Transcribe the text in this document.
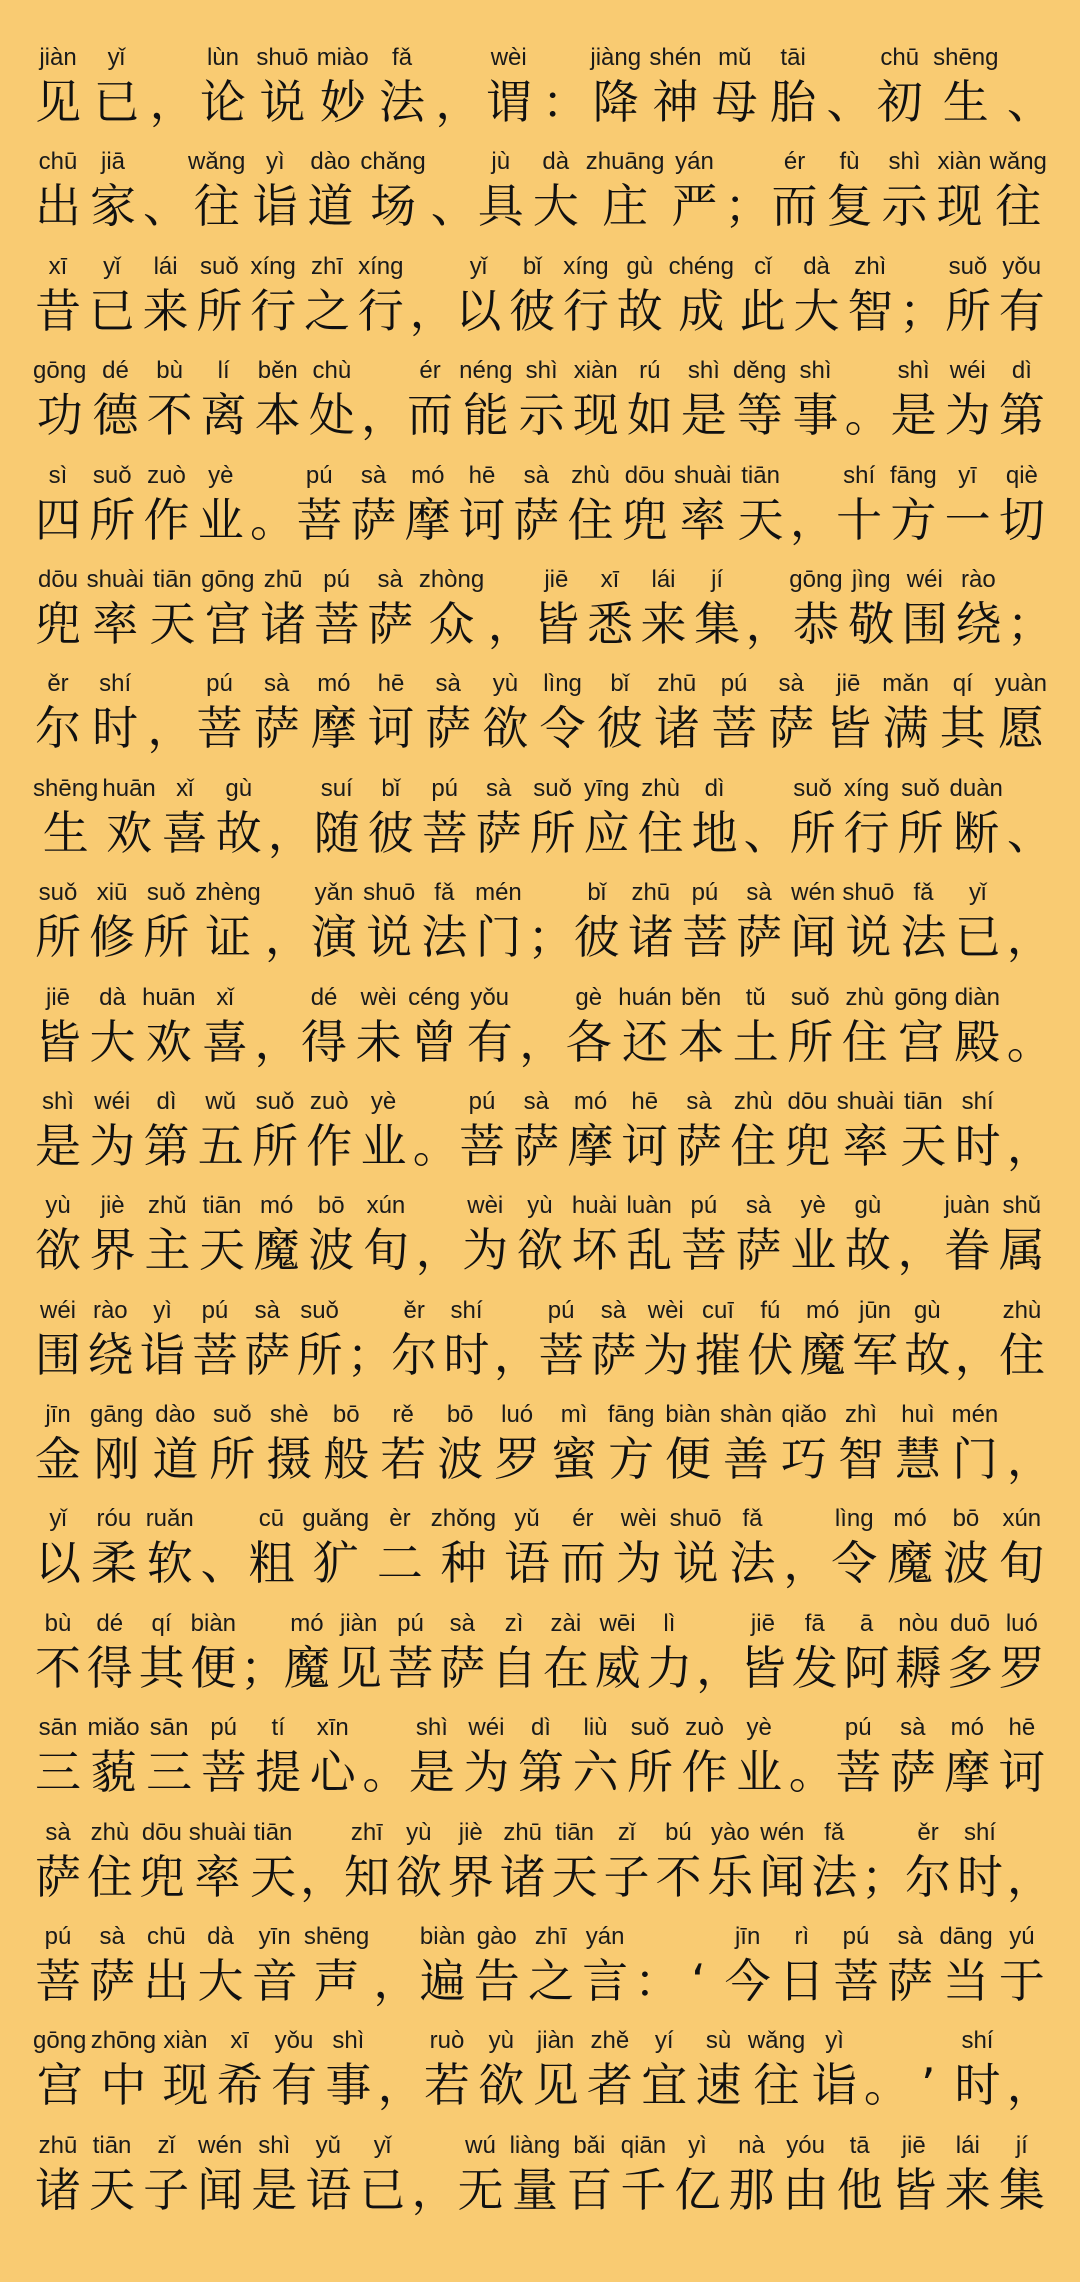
jiàn
见
yǐ
已 ，
lùn
论
shuō
说
miào
妙
fǎ
法 ，
wèi
谓 ：
jiàng
降
shén
神
mǔ
母
tāi
胎 、
chū
初
shēng
生 、
chū
出
jiā
家 、
wǎng
往
yì
诣
dào
道
chǎng
场 、
jù
具
dà
大
zhuāng
庄
yán
严 ；
ér
而
fù
复
shì
示
xiàn
现
wǎng
往
xī
昔
yǐ
已
lái
来
suǒ
所
xíng
行
zhī
之
xíng
行 ，
yǐ
以
bǐ
彼
xíng
行
gù
故
chéng
成
cǐ
此
dà
大
zhì
智 ；
suǒ
所
yǒu
有
gōng
功
dé
德
bù
不
lí
离
běn
本
chù
处 ，
ér
而
néng
能
shì
示
xiàn
现
rú
如
shì
是
děng
等
shì
事 。
shì
是
wéi
为
dì
第
sì
四
suǒ
所
zuò
作
yè
业 。
pú
菩
sà
萨
mó
摩
hē
诃
sà
萨
zhù
住
dōu
兜
shuài
率
tiān
天 ，
shí
十
fāng
方
yī
一
qiè
切
dōu
兜
shuài
率
tiān
天
gōng
宫
zhū
诸
pú
菩
sà
萨
zhòng
众 ，
jiē
皆
xī
悉
lái
来
jí
集 ，
gōng
恭
jìng
敬
wéi
围
rào
绕 ；
ěr
尔
shí
时 ，
pú
菩
sà
萨
mó
摩
hē
诃
sà
萨
yù
欲
lìng
令
bǐ
彼
zhū
诸
pú
菩
sà
萨
jiē
皆
mǎn
满
qí
其
yuàn
愿
shēng
生
huān
欢
xǐ
喜
gù
故 ，
suí
随
bǐ
彼
pú
菩
sà
萨
suǒ
所
yīng
应
zhù
住
dì
地 、
suǒ
所
xíng
行
suǒ
所
duàn
断 、
suǒ
所
xiū
修
suǒ
所
zhèng
证 ，
yǎn
演
shuō
说
fǎ
法
mén
门 ；
bǐ
彼
zhū
诸
pú
菩
sà
萨
wén
闻
shuō
说
fǎ
法
yǐ
已 ，
jiē
皆
dà
大
huān
欢
xǐ
喜 ，
dé
得
wèi
未
céng
曾
yǒu
有 ，
gè
各
huán
还
běn
本
tǔ
土
suǒ
所
zhù
住
gōng
宫
diàn
殿 。
shì
是
wéi
为
dì
第
wǔ
五
suǒ
所
zuò
作
yè
业 。
pú
菩
sà
萨
mó
摩
hē
诃
sà
萨
zhù
住
dōu
兜
shuài
率
tiān
天
shí
时 ，
yù
欲
jiè
界
zhǔ
主
tiān
天
mó
魔
bō
波
xún
旬 ，
wèi
为
yù
欲
huài
坏
luàn
乱
pú
菩
sà
萨
yè
业
gù
故 ，
juàn
眷
shǔ
属
wéi
围
rào
绕
yì
诣
pú
菩
sà
萨
suǒ
所 ；
ěr
尔
shí
时 ，
pú
菩
sà
萨
wèi
为
cuī
摧
fú
伏
mó
魔
jūn
军
gù
故 ，
zhù
住
jīn
金
gāng
刚
dào
道
suǒ
所
shè
摄
bō
般
rě
若
bō
波
luó
罗
mì
蜜
fāng
方
biàn
便
shàn
善
qiǎo
巧
zhì
智
huì
慧
mén
门 ，
yǐ
以
róu
柔
ruǎn
软 、
cū
粗
guǎng
犷
èr
二
zhǒng
种
yǔ
语
ér
而
wèi
为
shuō
说
fǎ
法 ，
lìng
令
mó
魔
bō
波
xún
旬
bù
不
dé
得
qí
其
biàn
便 ；
mó
魔
jiàn
见
pú
菩
sà
萨
zì
自
zài
在
wēi
威
lì
力 ，
jiē
皆
fā
发
ā
阿
nòu
耨
duō
多
luó
罗
sān
三
miǎo
藐
sān
三
pú
菩
tí
提
xīn
心 。
shì
是
wéi
为
dì
第
liù
六
suǒ
所
zuò
作
yè
业 。
pú
菩
sà
萨
mó
摩
hē
诃
sà
萨
zhù
住
dōu
兜
shuài
率
tiān
天 ，
zhī
知
yù
欲
jiè
界
zhū
诸
tiān
天
zǐ
子
bú
不
yào
乐
wén
闻
fǎ
法 ；
ěr
尔
shí
时 ，
pú
菩
sà
萨
chū
出
dà
大
yīn
音
shēng
声 ，
biàn
遍
gào
告
zhī
之
yán
言 ： ‘
jīn
今
rì
日
pú
菩
sà
萨
dāng
当
yú
于
gōng
宫
zhōng
中
xiàn
现
xī
希
yǒu
有
shì
事 ，
ruò
若
yù
欲
jiàn
见
zhě
者
yí
宜
sù
速
wǎng
往
yì
诣 。 ’
shí
时 ，
zhū
诸
tiān
天
zǐ
子
wén
闻
shì
是
yǔ
语
yǐ
已 ，
wú
无
liàng
量
bǎi
百
qiān
千
yì
亿
nà
那
yóu
由
tā
他
jiē
皆
lái
来
jí
集
